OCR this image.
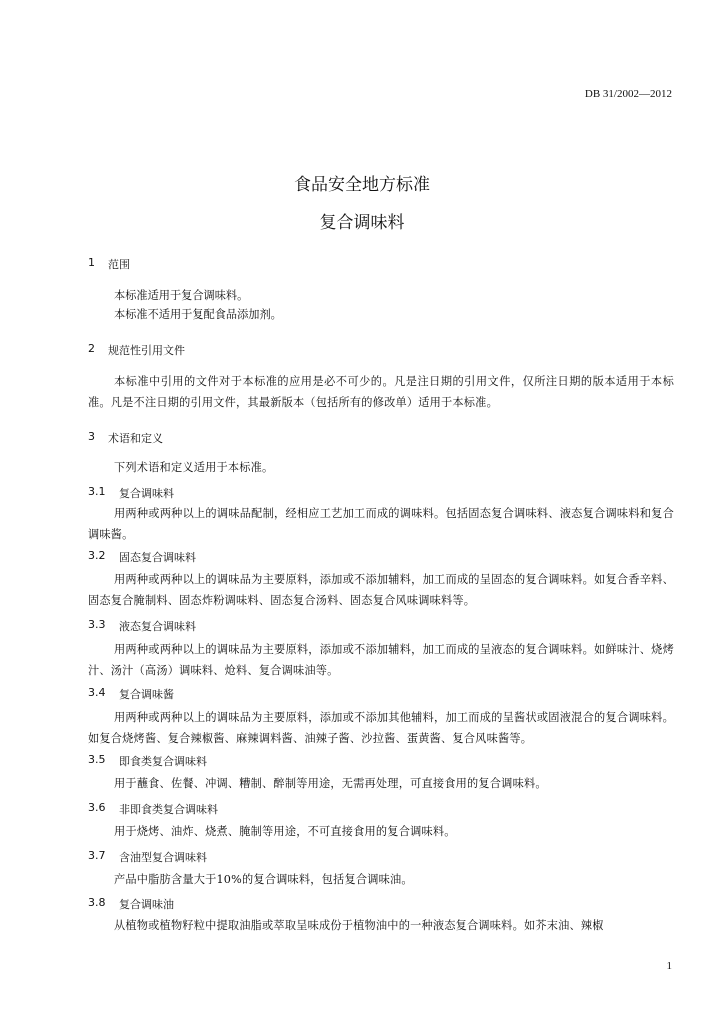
DB 31/2002—2012
食品安全地方标准
复合调味料
1	范围
本标准适用于复合调味料。
本标准不适用于复配食品添加剂。
2	规范性引用文件
本标准中引用的文件对于本标准的应用是必不可少的。凡是注日期的引用文件，仅所注日期的版本适用于本标准。凡是不注日期的引用文件，其最新版本（包括所有的修改单）适用于本标准。
3	术语和定义
下列术语和定义适用于本标准。
3.1	复合调味料
用两种或两种以上的调味品配制，经相应工艺加工而成的调味料。包括固态复合调味料、液态复合调味料和复合调味酱。
3.2	固态复合调味料
用两种或两种以上的调味品为主要原料，添加或不添加辅料，加工而成的呈固态的复合调味料。如复合香辛料、固态复合腌制料、固态炸粉调味料、固态复合汤料、固态复合风味调味料等。
3.3	液态复合调味料
用两种或两种以上的调味品为主要原料，添加或不添加辅料，加工而成的呈液态的复合调味料。如鲜味汁、烧烤汁、汤汁（高汤）调味料、炝料、复合调味油等。
3.4	复合调味酱
用两种或两种以上的调味品为主要原料，添加或不添加其他辅料，加工而成的呈酱状或固液混合的复合调味料。如复合烧烤酱、复合辣椒酱、麻辣调料酱、油辣子酱、沙拉酱、蛋黄酱、复合风味酱等。
3.5	即食类复合调味料
用于蘸食、佐餐、冲调、糟制、醉制等用途，无需再处理，可直接食用的复合调味料。
3.6	非即食类复合调味料
用于烧烤、油炸、烧煮、腌制等用途，不可直接食用的复合调味料。
3.7	含油型复合调味料
产品中脂肪含量大于10%的复合调味料，包括复合调味油。
3.8	复合调味油
从植物或植物籽粒中提取油脂或萃取呈味成份于植物油中的一种液态复合调味料。如芥末油、辣椒
1
